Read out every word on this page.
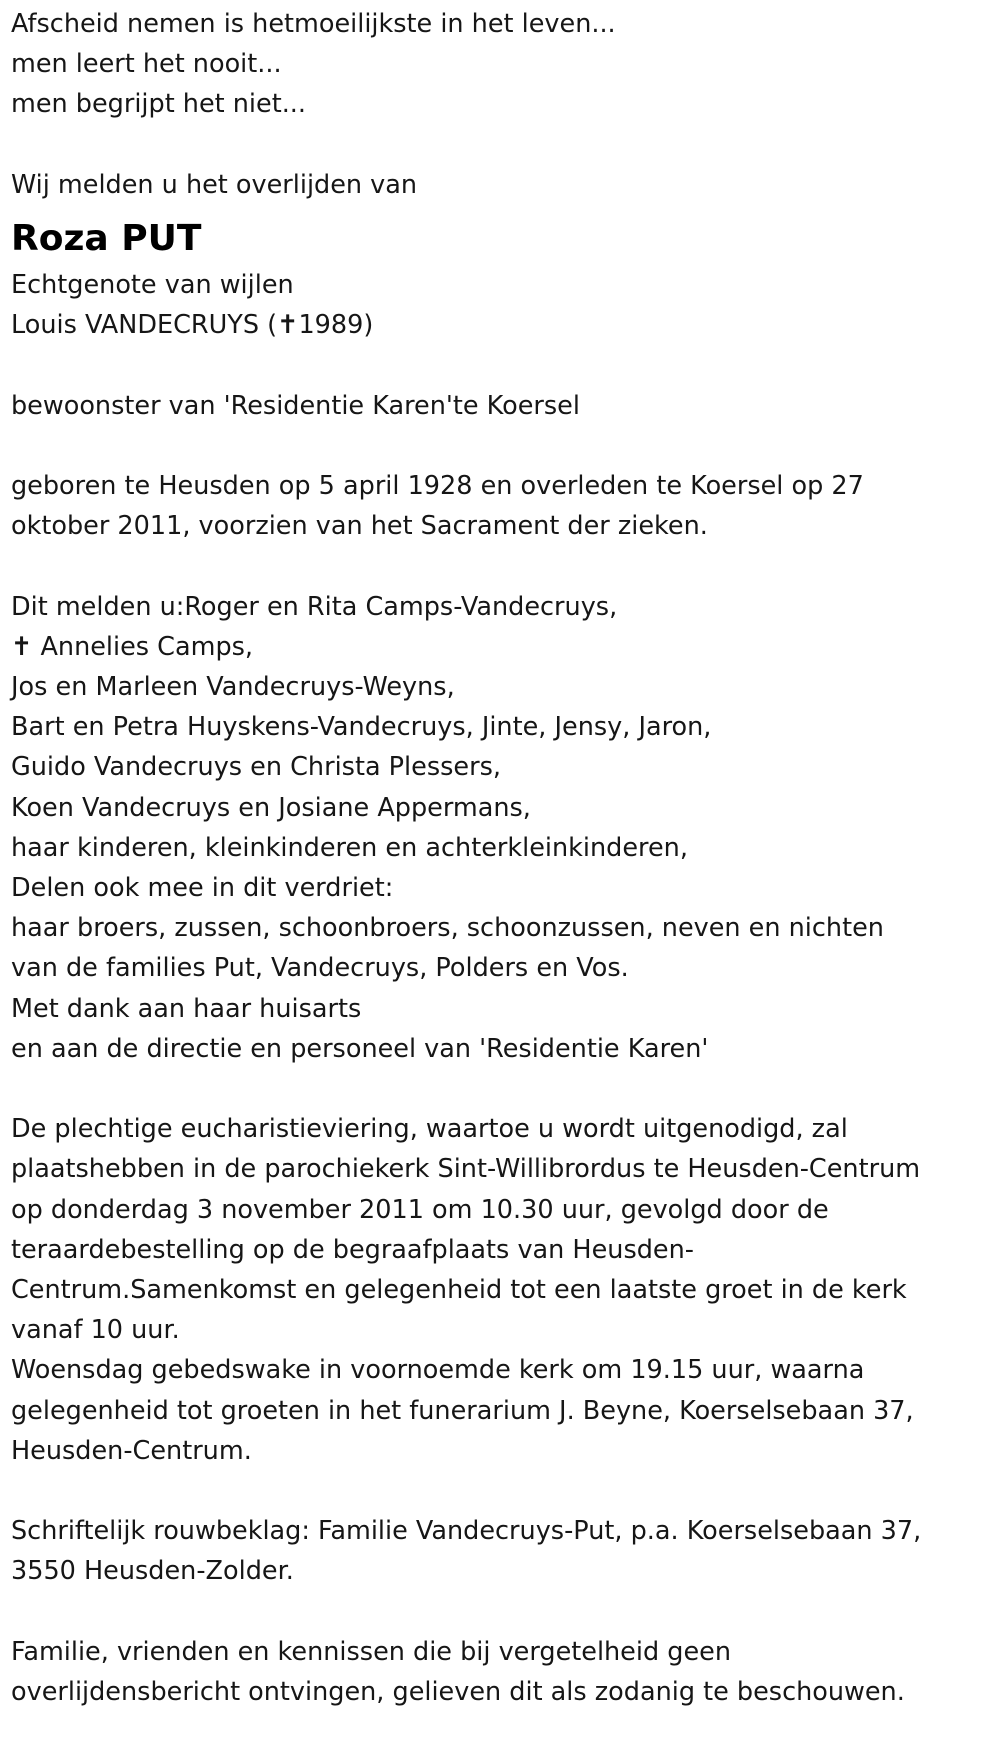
Afscheid nemen is hetmoeilijkste in het leven...

men leert het nooit...

men begrijpt het niet...

Wij melden u het overlijden van

Roza PUT

Echtgenote van wijlen

Louis VANDECRUYS (✝1989)

bewoonster van 'Residentie Karen'te Koersel

geboren te Heusden op 5 april 1928 en overleden te Koersel op 27

oktober 2011, voorzien van het Sacrament der zieken.

Dit melden u:Roger en Rita Camps-Vandecruys,

✝ Annelies Camps,

Jos en Marleen Vandecruys-Weyns,

Bart en Petra Huyskens-Vandecruys, Jinte, Jensy, Jaron,

Guido Vandecruys en Christa Plessers,

Koen Vandecruys en Josiane Appermans,

haar kinderen, kleinkinderen en achterkleinkinderen,

Delen ook mee in dit verdriet:

haar broers, zussen, schoonbroers, schoonzussen, neven en nichten

van de families Put, Vandecruys, Polders en Vos.

Met dank aan haar huisarts

en aan de directie en personeel van 'Residentie Karen'

De plechtige eucharistieviering, waartoe u wordt uitgenodigd, zal

plaatshebben in de parochiekerk Sint-Willibrordus te Heusden-Centrum

op donderdag 3 november 2011 om 10.30 uur, gevolgd door de

teraardebestelling op de begraafplaats van Heusden-

Centrum.Samenkomst en gelegenheid tot een laatste groet in de kerk

vanaf 10 uur.

Woensdag gebedswake in voornoemde kerk om 19.15 uur, waarna

gelegenheid tot groeten in het funerarium J. Beyne, Koerselsebaan 37,

Heusden-Centrum.

Schriftelijk rouwbeklag: Familie Vandecruys-Put, p.a. Koerselsebaan 37,

3550 Heusden-Zolder.

Familie, vrienden en kennissen die bij vergetelheid geen

overlijdensbericht ontvingen, gelieven dit als zodanig te beschouwen.
